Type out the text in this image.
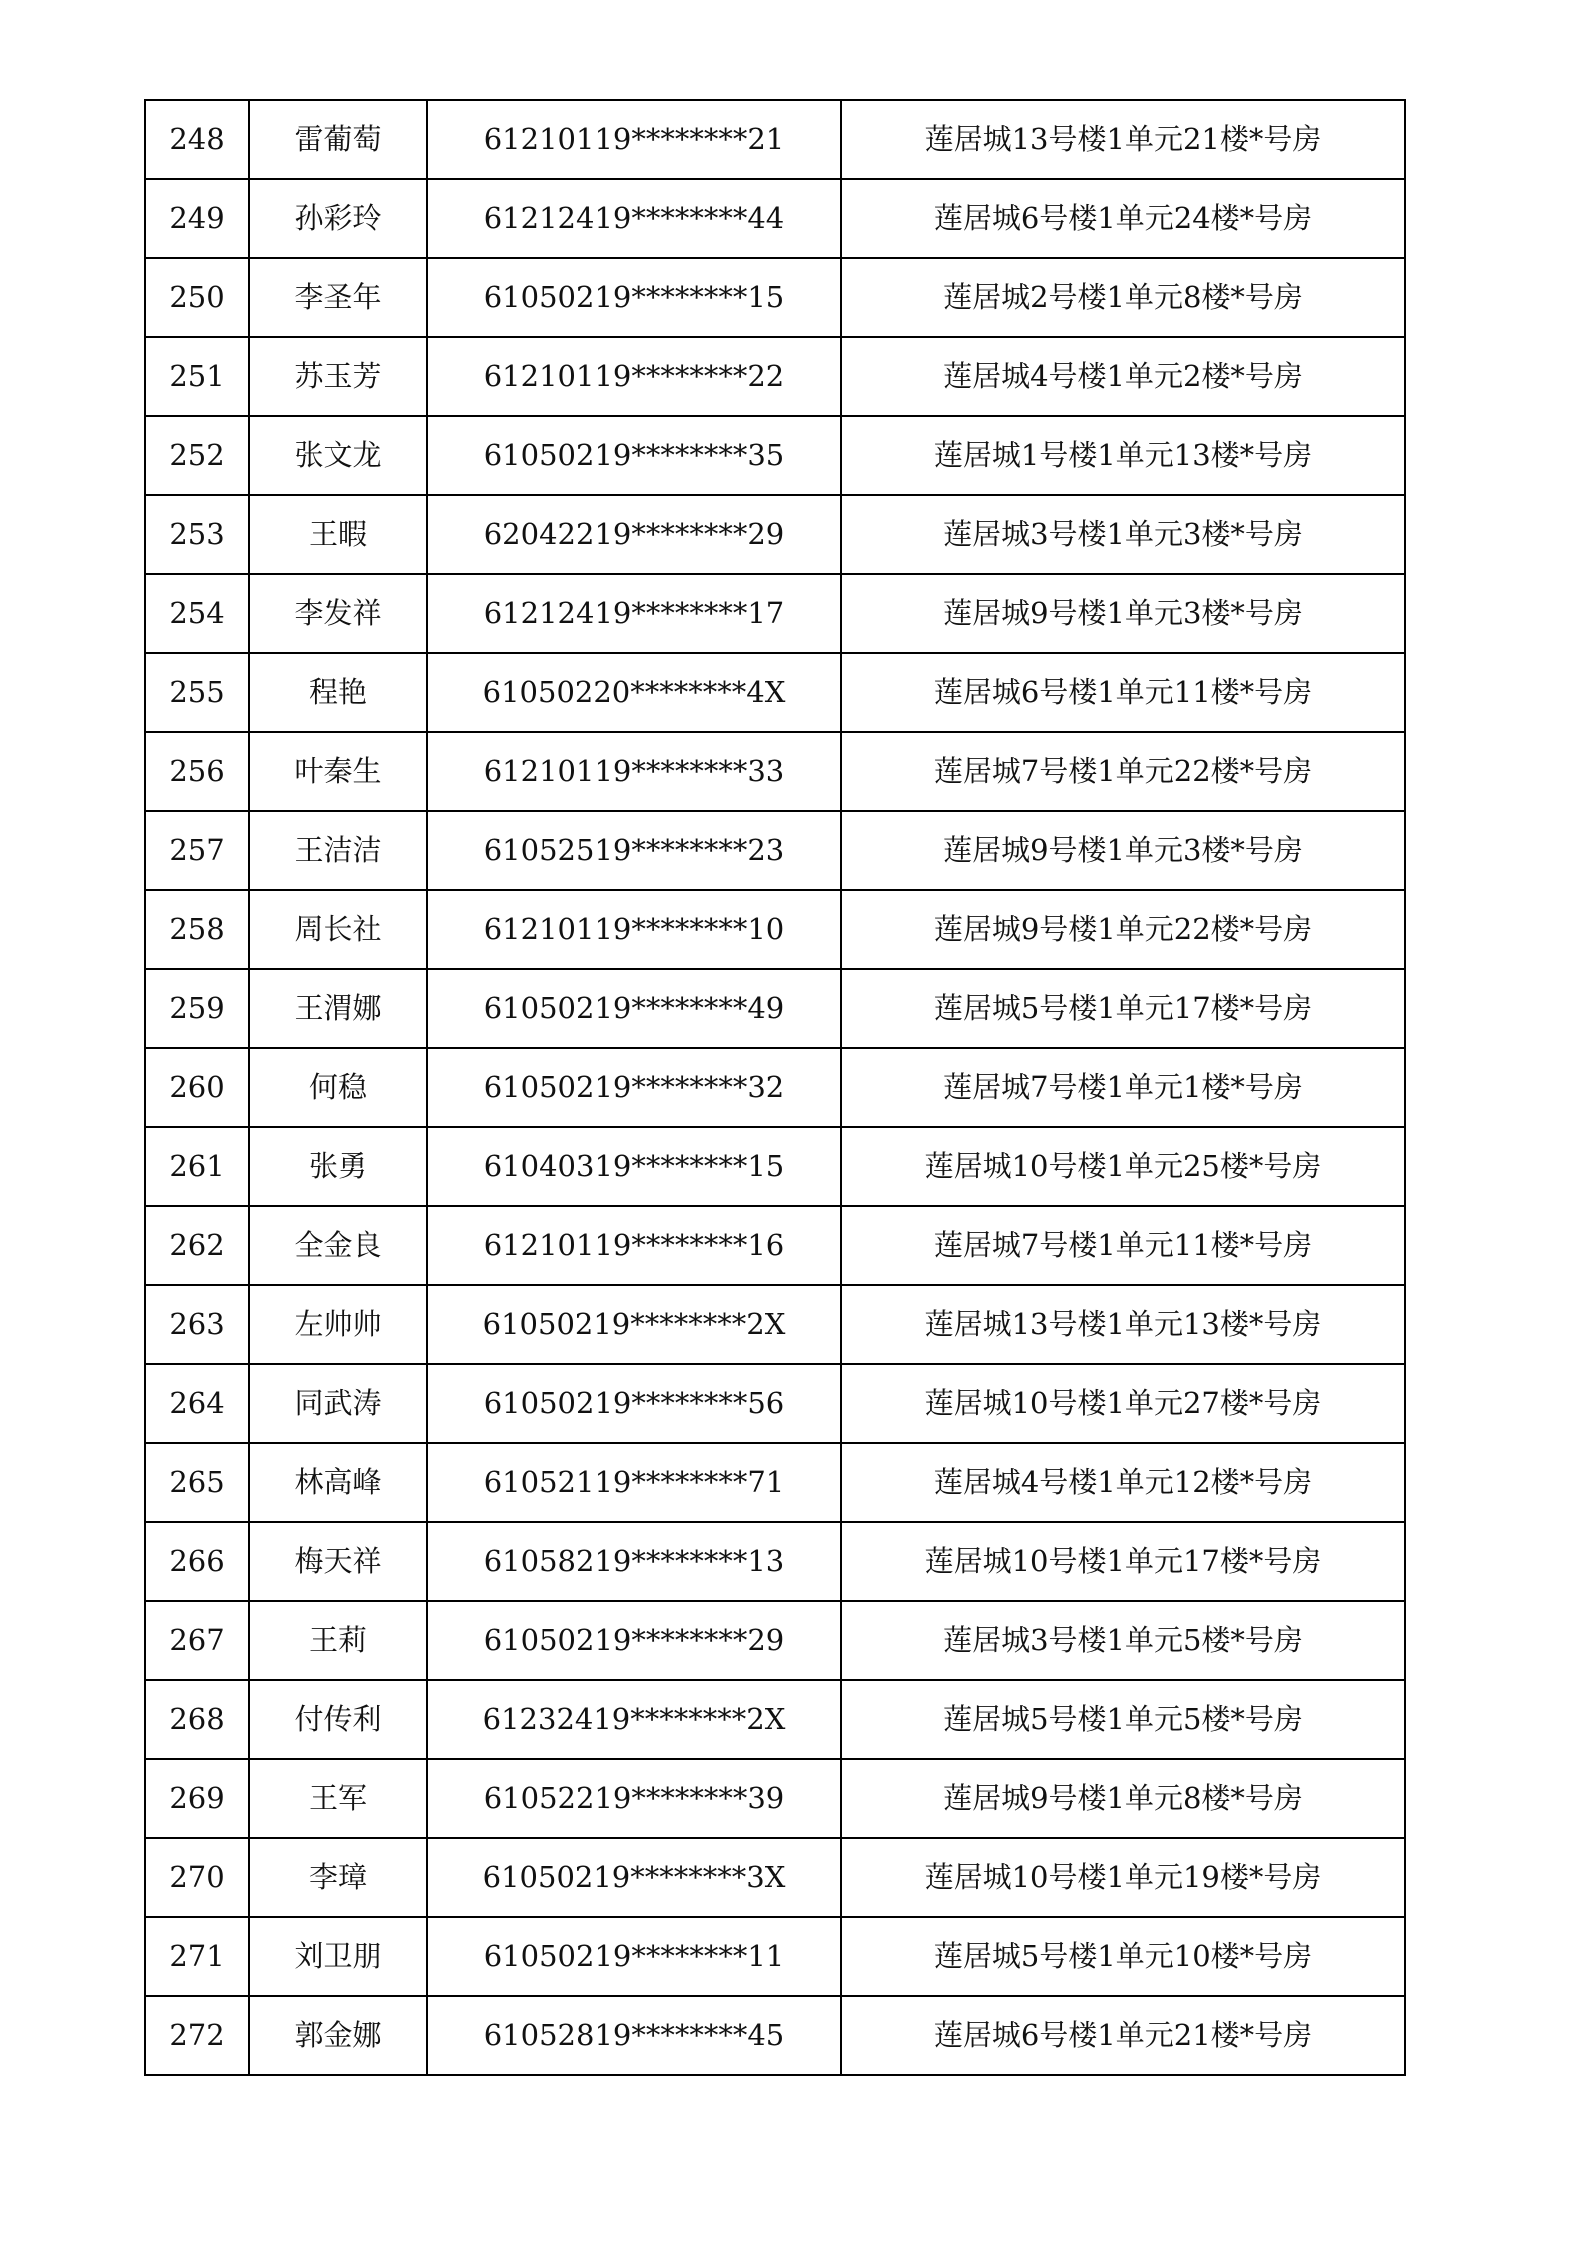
248	雷葡萄	61210119********21	莲居城13号楼1单元21楼*号房
249	孙彩玲	61212419********44	莲居城6号楼1单元24楼*号房
250	李圣年	61050219********15	莲居城2号楼1单元8楼*号房
251	苏玉芳	61210119********22	莲居城4号楼1单元2楼*号房
252	张文龙	61050219********35	莲居城1号楼1单元13楼*号房
253	王暇	62042219********29	莲居城3号楼1单元3楼*号房
254	李发祥	61212419********17	莲居城9号楼1单元3楼*号房
255	程艳	61050220********4X	莲居城6号楼1单元11楼*号房
256	叶秦生	61210119********33	莲居城7号楼1单元22楼*号房
257	王洁洁	61052519********23	莲居城9号楼1单元3楼*号房
258	周长社	61210119********10	莲居城9号楼1单元22楼*号房
259	王渭娜	61050219********49	莲居城5号楼1单元17楼*号房
260	何稳	61050219********32	莲居城7号楼1单元1楼*号房
261	张勇	61040319********15	莲居城10号楼1单元25楼*号房
262	全金良	61210119********16	莲居城7号楼1单元11楼*号房
263	左帅帅	61050219********2X	莲居城13号楼1单元13楼*号房
264	同武涛	61050219********56	莲居城10号楼1单元27楼*号房
265	林高峰	61052119********71	莲居城4号楼1单元12楼*号房
266	梅天祥	61058219********13	莲居城10号楼1单元17楼*号房
267	王莉	61050219********29	莲居城3号楼1单元5楼*号房
268	付传利	61232419********2X	莲居城5号楼1单元5楼*号房
269	王军	61052219********39	莲居城9号楼1单元8楼*号房
270	李璋	61050219********3X	莲居城10号楼1单元19楼*号房
271	刘卫朋	61050219********11	莲居城5号楼1单元10楼*号房
272	郭金娜	61052819********45	莲居城6号楼1单元21楼*号房
